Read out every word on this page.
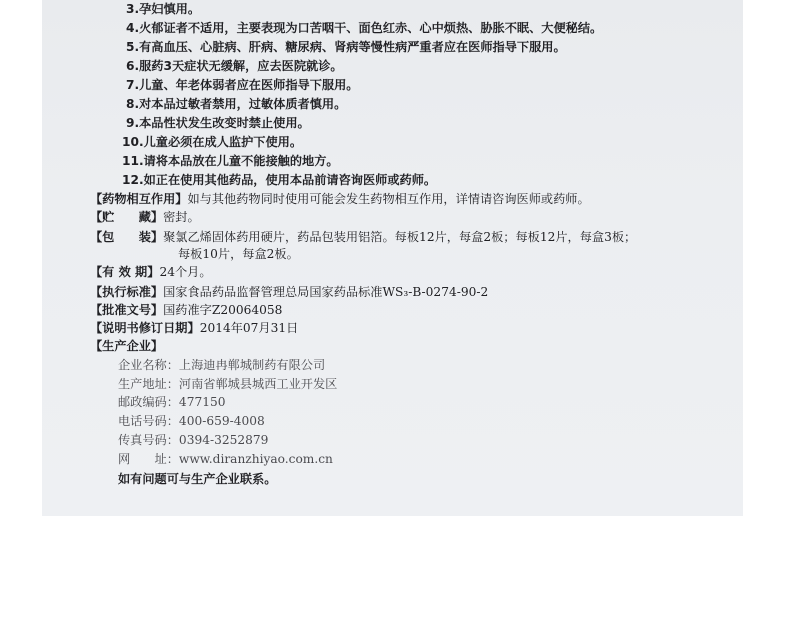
3.孕妇慎用。
4.火郁证者不适用，主要表现为口苦咽干、面色红赤、心中烦热、胁胀不眠、大便秘结。
5.有高血压、心脏病、肝病、糖尿病、肾病等慢性病严重者应在医师指导下服用。
6.服药3天症状无缓解，应去医院就诊。
7.儿童、年老体弱者应在医师指导下服用。
8.对本品过敏者禁用，过敏体质者慎用。
9.本品性状发生改变时禁止使用。
10.儿童必须在成人监护下使用。
11.请将本品放在儿童不能接触的地方。
12.如正在使用其他药品，使用本品前请咨询医师或药师。
【药物相互作用】如与其他药物同时使用可能会发生药物相互作用，详情请咨询医师或药师。
【贮　　藏】密封。
【包　　装】聚氯乙烯固体药用硬片，药品包装用铝箔。每板12片，每盒2板；每板12片，每盒3板；
每板10片，每盒2板。
【有 效 期】24个月。
【执行标准】国家食品药品监督管理总局国家药品标准WS₃-B-0274-90-2
【批准文号】国药准字Z20064058
【说明书修订日期】2014年07月31日
【生产企业】
企业名称：上海迪冉郸城制药有限公司
生产地址：河南省郸城县城西工业开发区
邮政编码：477150
电话号码：400-659-4008
传真号码：0394-3252879
网　　址：www.diranzhiyao.com.cn
如有问题可与生产企业联系。
